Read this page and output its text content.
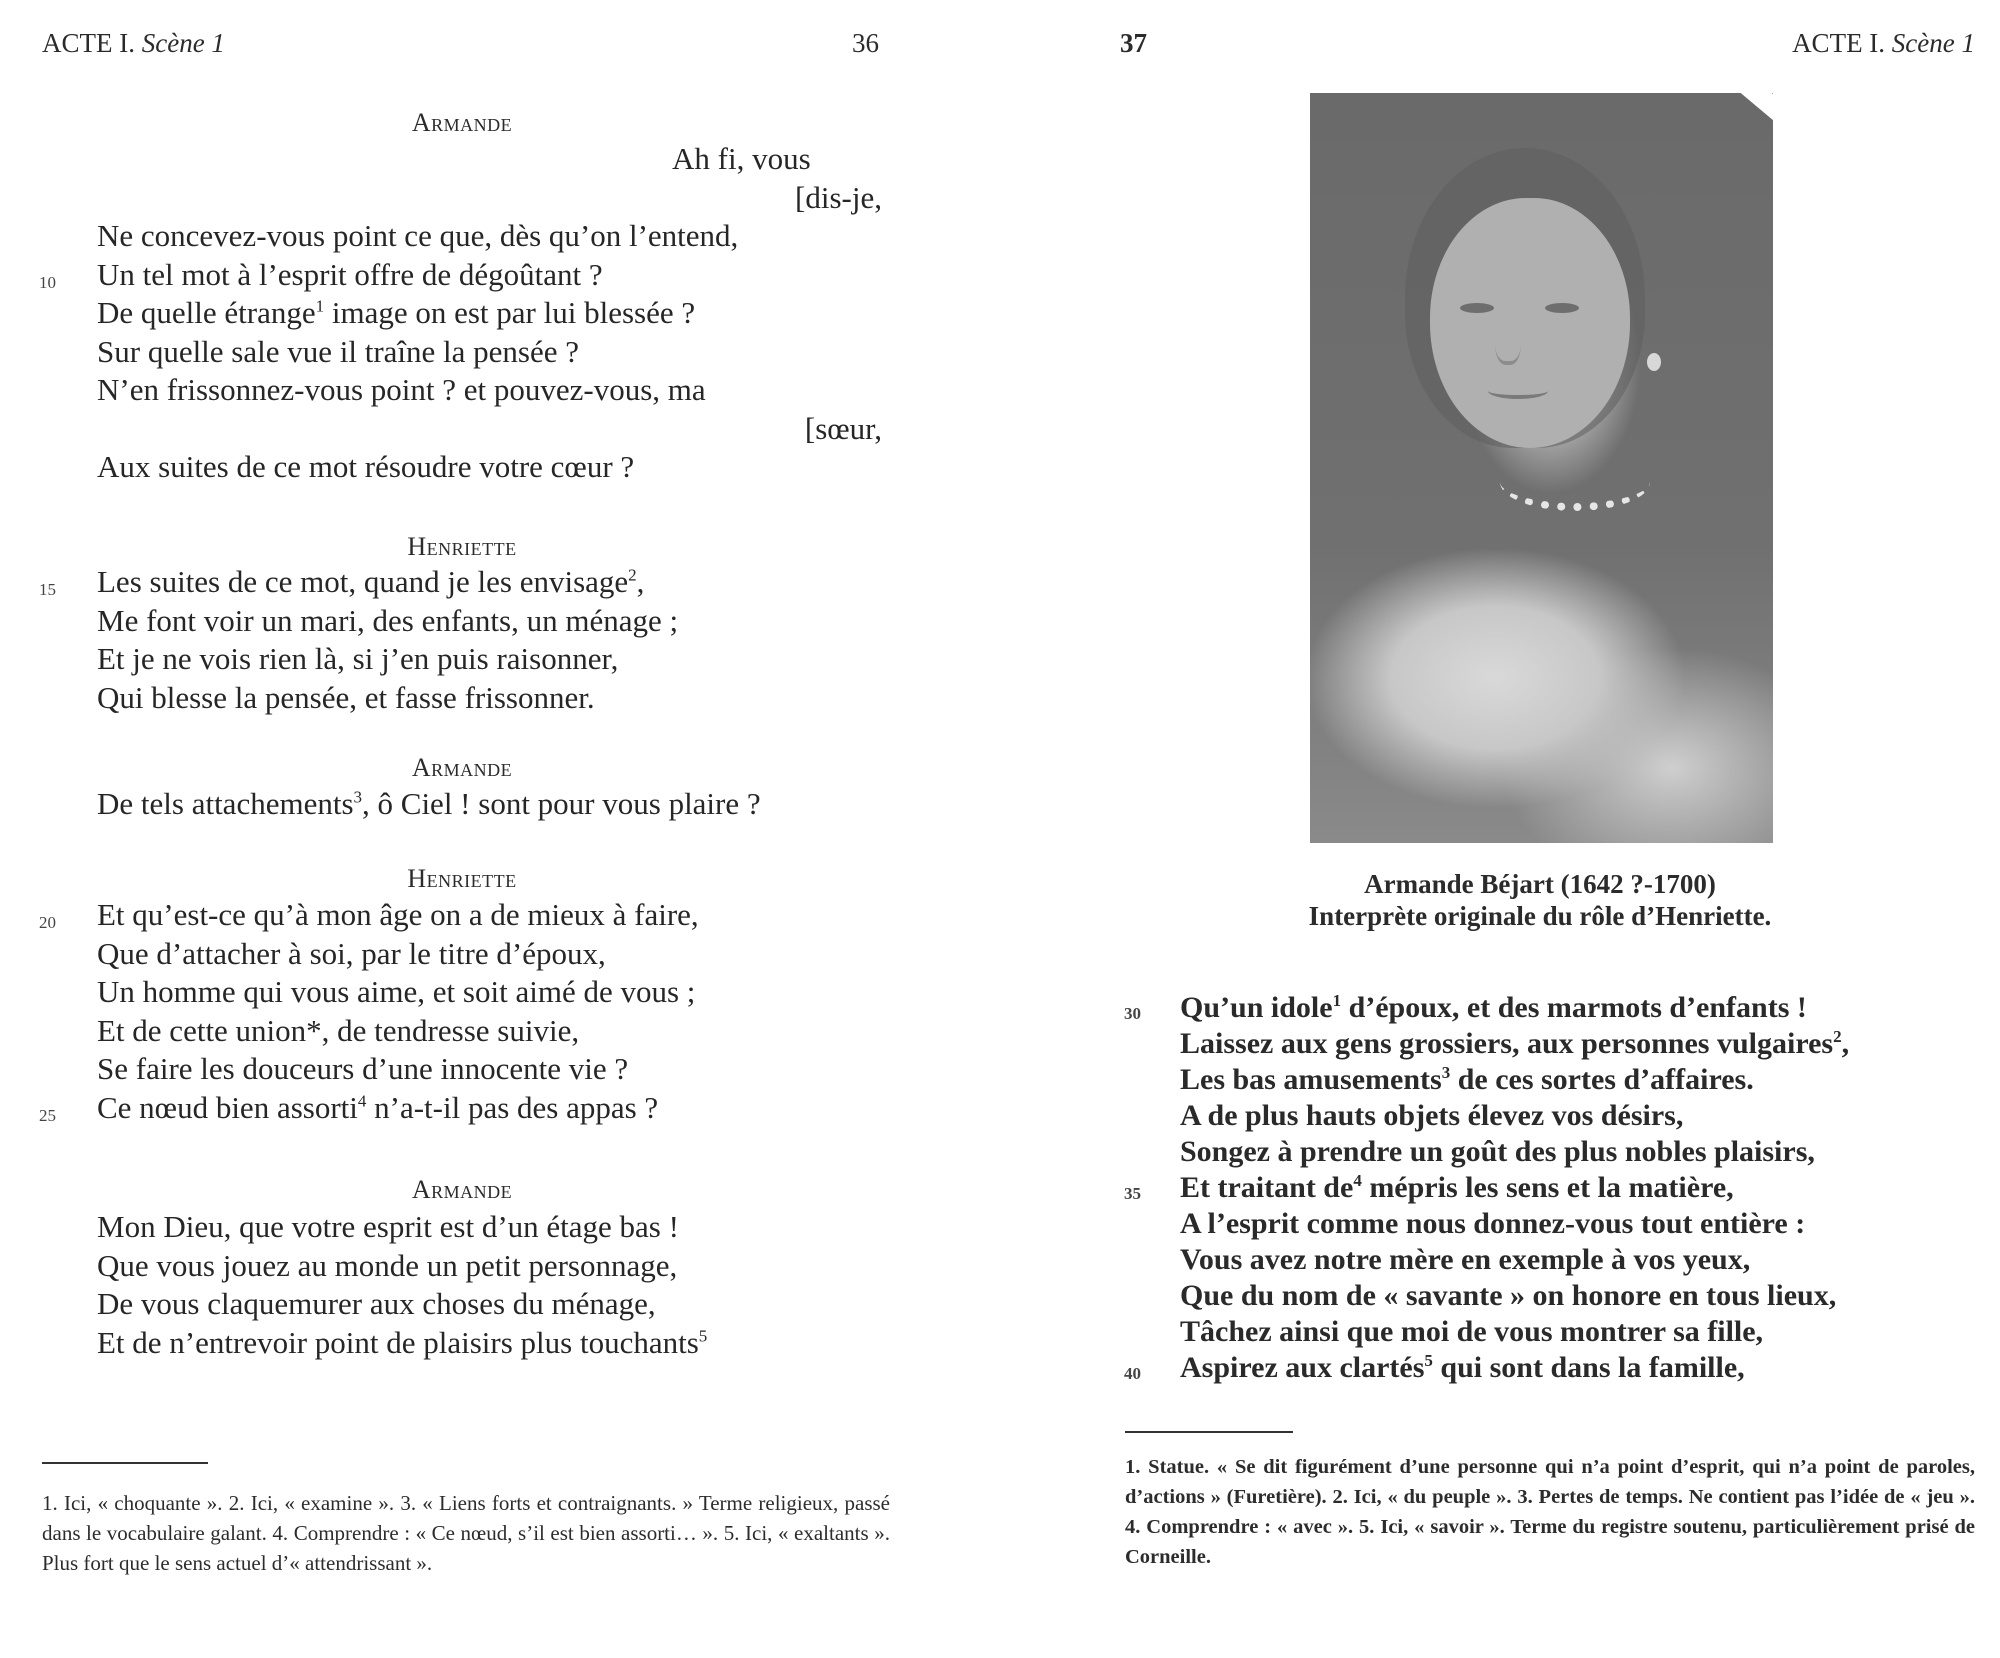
ACTE I. Scène 1	36
Armande
Ah fi, vous
[dis-je,
Ne concevez-vous point ce que, dès qu’on l’entend,
10 Un tel mot à l’esprit offre de dégoûtant ?
De quelle étrange$^1$ image on est par lui blessée ?
Sur quelle sale vue il traîne la pensée ?
N’en frissonnez-vous point ? et pouvez-vous, ma
[sœur,
Aux suites de ce mot résoudre votre cœur ?
Henriette
15 Les suites de ce mot, quand je les envisage$^2$,
Me font voir un mari, des enfants, un ménage ;
Et je ne vois rien là, si j’en puis raisonner,
Qui blesse la pensée, et fasse frissonner.
Armande
De tels attachements$^3$, ô Ciel ! sont pour vous plaire ?
Henriette
20 Et qu’est-ce qu’à mon âge on a de mieux à faire,
Que d’attacher à soi, par le titre d’époux,
Un homme qui vous aime, et soit aimé de vous ;
Et de cette union*, de tendresse suivie,
Se faire les douceurs d’une innocente vie ?
25 Ce nœud bien assorti$^4$ n’a-t-il pas des appas ?
Armande
Mon Dieu, que votre esprit est d’un étage bas !
Que vous jouez au monde un petit personnage,
De vous claquemurer aux choses du ménage,
Et de n’entrevoir point de plaisirs plus touchants$^5$

1. Ici, « choquante ». 2. Ici, « examine ». 3. « Liens forts et contraignants. » Terme religieux, passé dans le vocabulaire galant. 4. Comprendre : « Ce nœud, s’il est bien assorti… ». 5. Ici, « exaltants ». Plus fort que le sens actuel d’« attendrissant ».

37	ACTE I. Scène 1
Armande Béjart (1642 ?-1700)
Interprète originale du rôle d’Henriette.
30 Qu’un idole$^1$ d’époux, et des marmots d’enfants !
Laissez aux gens grossiers, aux personnes vulgaires$^2$,
Les bas amusements$^3$ de ces sortes d’affaires.
A de plus hauts objets élevez vos désirs,
Songez à prendre un goût des plus nobles plaisirs,
35 Et traitant $de^4$ mépris les sens et la matière,
A l’esprit comme nous donnez-vous tout entière :
Vous avez notre mère en exemple à vos yeux,
Que du nom de « savante » on honore en tous lieux,
Tâchez ainsi que moi de vous montrer sa fille,
40 Aspirez aux clartés$^5$ qui sont dans la famille,

1. Statue. « Se dit figurément d’une personne qui n’a point d’esprit, qui n’a point de paroles, d’actions » (Furetière). 2. Ici, « du peuple ». 3. Pertes de temps. Ne contient pas l’idée de « jeu ». 4. Comprendre : « avec ». 5. Ici, « savoir ». Terme du registre soutenu, particulièrement prisé de Corneille.
